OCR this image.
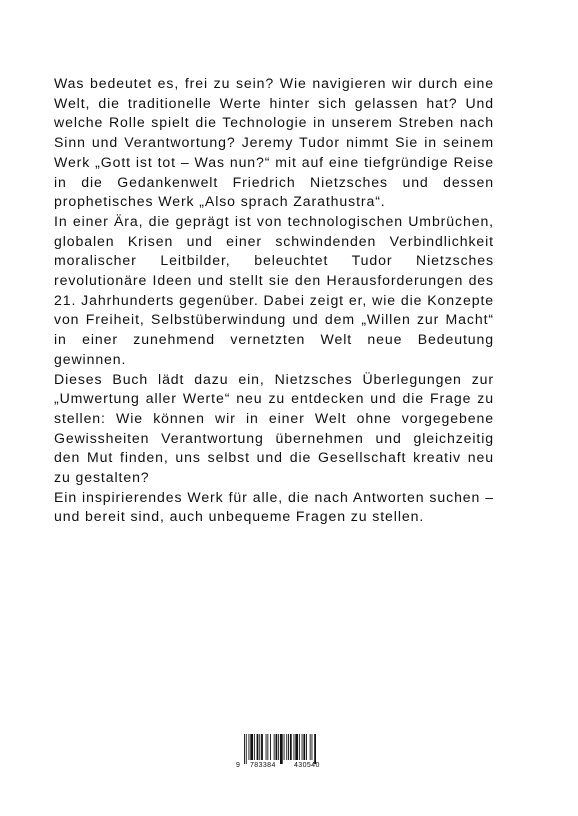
Was bedeutet es, frei zu sein? Wie navigieren wir durch eine Welt, die traditionelle Werte hinter sich gelassen hat? Und welche Rolle spielt die Technologie in unserem Streben nach Sinn und Verantwortung? Jeremy Tudor nimmt Sie in seinem Werk „Gott ist tot – Was nun?“ mit auf eine tiefgründige Reise in die Gedankenwelt Friedrich Nietzsches und dessen prophetisches Werk „Also sprach Zarathustra“.

In einer Ära, die geprägt ist von technologischen Umbrüchen, globalen Krisen und einer schwindenden Verbindlichkeit moralischer Leitbilder, beleuchtet Tudor Nietzsches revolutionäre Ideen und stellt sie den Herausforderungen des 21. Jahrhunderts gegenüber. Dabei zeigt er, wie die Konzepte von Freiheit, Selbstüberwindung und dem „Willen zur Macht“ in einer zunehmend vernetzten Welt neue Bedeutung gewinnen.

Dieses Buch lädt dazu ein, Nietzsches Überlegungen zur „Umwertung aller Werte“ neu zu entdecken und die Frage zu stellen: Wie können wir in einer Welt ohne vorgegebene Gewissheiten Verantwortung übernehmen und gleichzeitig den Mut finden, uns selbst und die Gesellschaft kreativ neu zu gestalten?

Ein inspirierendes Werk für alle, die nach Antworten suchen – und bereit sind, auch unbequeme Fragen zu stellen.

9 783384	430540
